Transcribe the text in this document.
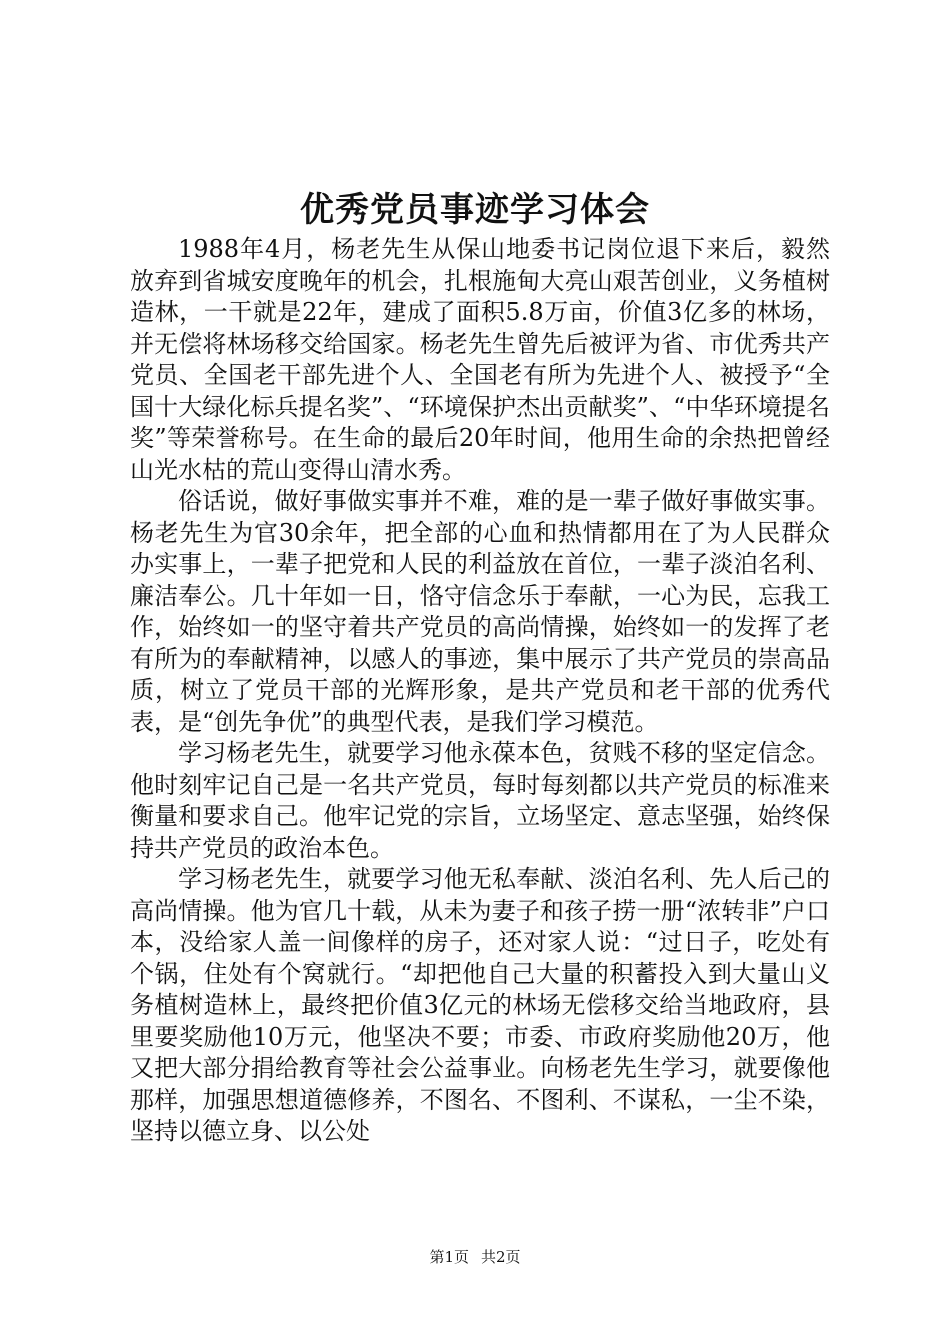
优秀党员事迹学习体会

1988年4月，杨老先生从保山地委书记岗位退下来后，毅然放弃到省城安度晚年的机会，扎根施甸大亮山艰苦创业，义务植树造林，一干就是22年，建成了面积5.8万亩，价值3亿多的林场，并无偿将林场移交给国家。杨老先生曾先后被评为省、市优秀共产党员、全国老干部先进个人、全国老有所为先进个人、被授予“全国十大绿化标兵提名奖”、“环境保护杰出贡献奖”、“中华环境提名奖”等荣誉称号。在生命的最后20年时间，他用生命的余热把曾经山光水枯的荒山变得山清水秀。

俗话说，做好事做实事并不难，难的是一辈子做好事做实事。杨老先生为官30余年，把全部的心血和热情都用在了为人民群众办实事上，一辈子把党和人民的利益放在首位，一辈子淡泊名利、廉洁奉公。几十年如一日，恪守信念乐于奉献，一心为民，忘我工作，始终如一的坚守着共产党员的高尚情操，始终如一的发挥了老有所为的奉献精神，以感人的事迹，集中展示了共产党员的崇高品质，树立了党员干部的光辉形象，是共产党员和老干部的优秀代表，是“创先争优”的典型代表，是我们学习模范。

学习杨老先生，就要学习他永葆本色，贫贱不移的坚定信念。他时刻牢记自己是一名共产党员，每时每刻都以共产党员的标准来衡量和要求自己。他牢记党的宗旨，立场坚定、意志坚强，始终保持共产党员的政治本色。

学习杨老先生，就要学习他无私奉献、淡泊名利、先人后己的高尚情操。他为官几十载，从未为妻子和孩子捞一册“浓转非”户口本，没给家人盖一间像样的房子，还对家人说：“过日子，吃处有个锅，住处有个窝就行。“却把他自己大量的积蓄投入到大量山义务植树造林上，最终把价值3亿元的林场无偿移交给当地政府，县里要奖励他10万元，他坚决不要；市委、市政府奖励他20万，他又把大部分捐给教育等社会公益事业。向杨老先生学习，就要像他那样，加强思想道德修养，不图名、不图利、不谋私，一尘不染，坚持以德立身、以公处

第1页 共2页
